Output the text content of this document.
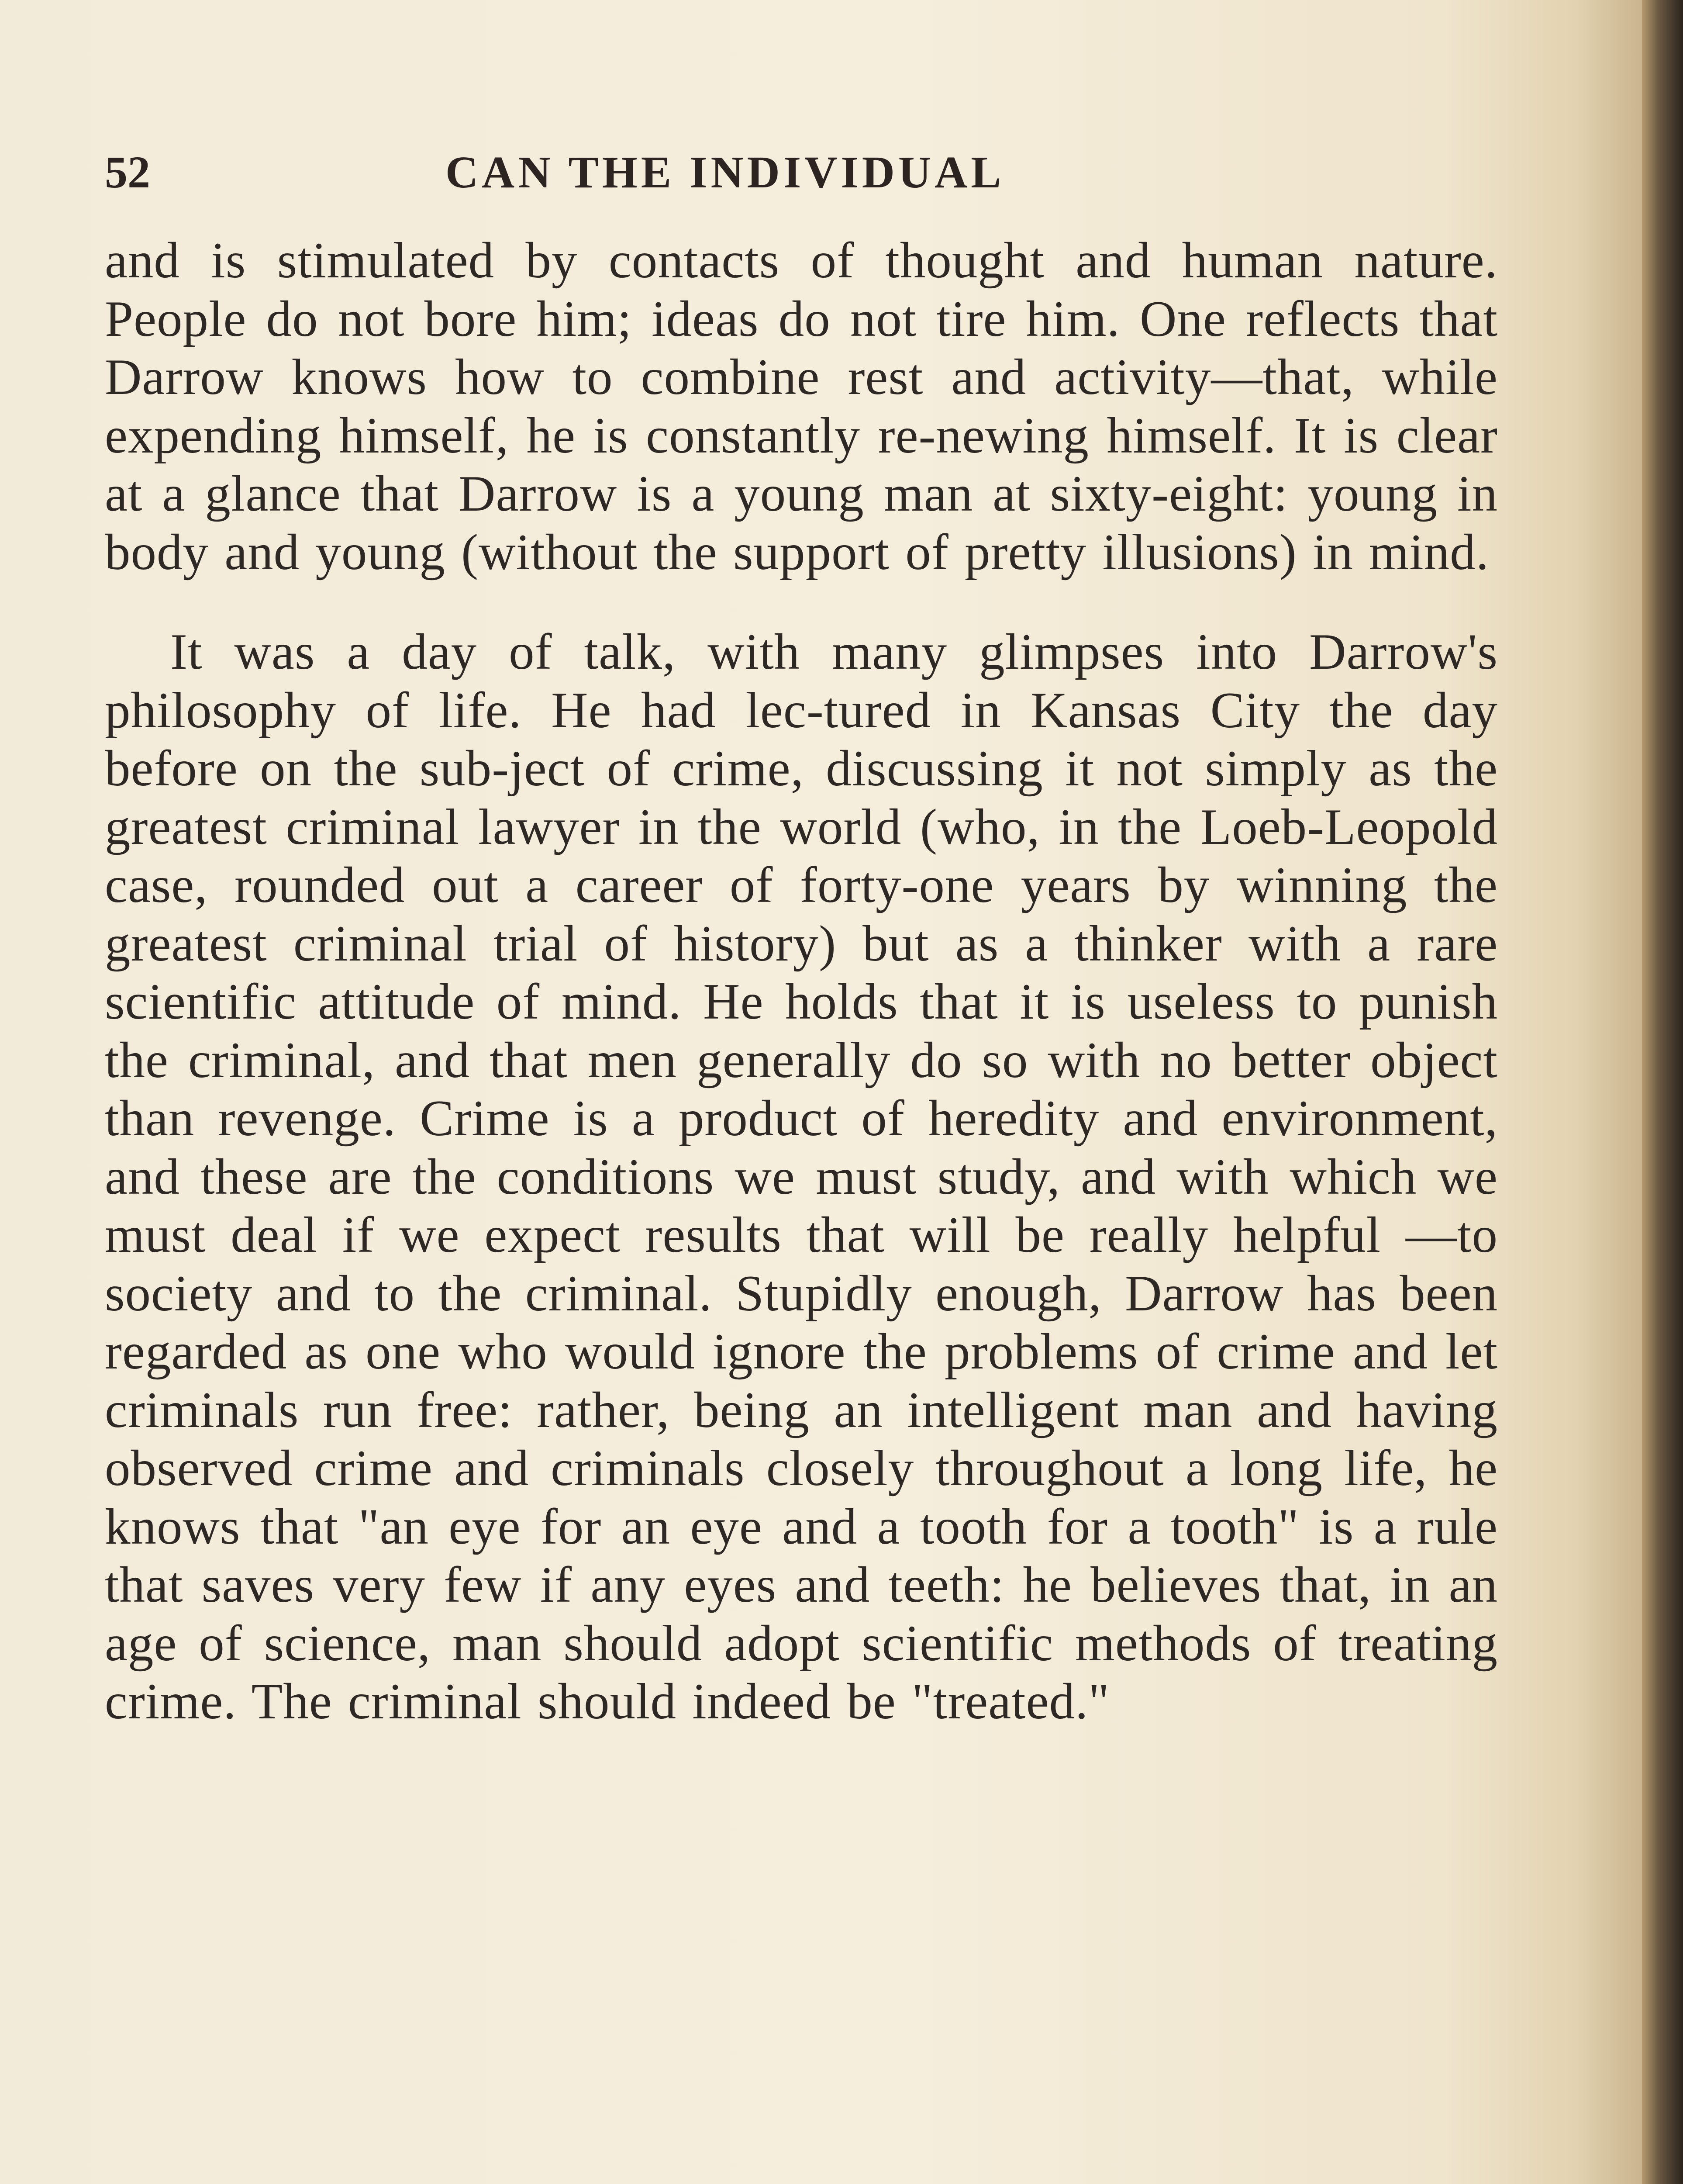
52	CAN THE INDIVIDUAL

and is stimulated by contacts of thought and human nature. People do not bore him; ideas do not tire him. One reflects that Darrow knows how to combine rest and activity—that, while expending himself, he is constantly re-newing himself. It is clear at a glance that Darrow is a young man at sixty-eight: young in body and young (without the support of pretty illusions) in mind.

It was a day of talk, with many glimpses into Darrow's philosophy of life. He had lec-tured in Kansas City the day before on the sub-ject of crime, discussing it not simply as the greatest criminal lawyer in the world (who, in the Loeb-Leopold case, rounded out a career of forty-one years by winning the greatest criminal trial of history) but as a thinker with a rare scientific attitude of mind. He holds that it is useless to punish the criminal, and that men generally do so with no better object than revenge. Crime is a product of heredity and environment, and these are the conditions we must study, and with which we must deal if we expect results that will be really helpful —to society and to the criminal. Stupidly enough, Darrow has been regarded as one who would ignore the problems of crime and let criminals run free: rather, being an intelligent man and having observed crime and criminals closely throughout a long life, he knows that "an eye for an eye and a tooth for a tooth" is a rule that saves very few if any eyes and teeth: he believes that, in an age of science, man should adopt scientific methods of treating crime. The criminal should indeed be "treated."
